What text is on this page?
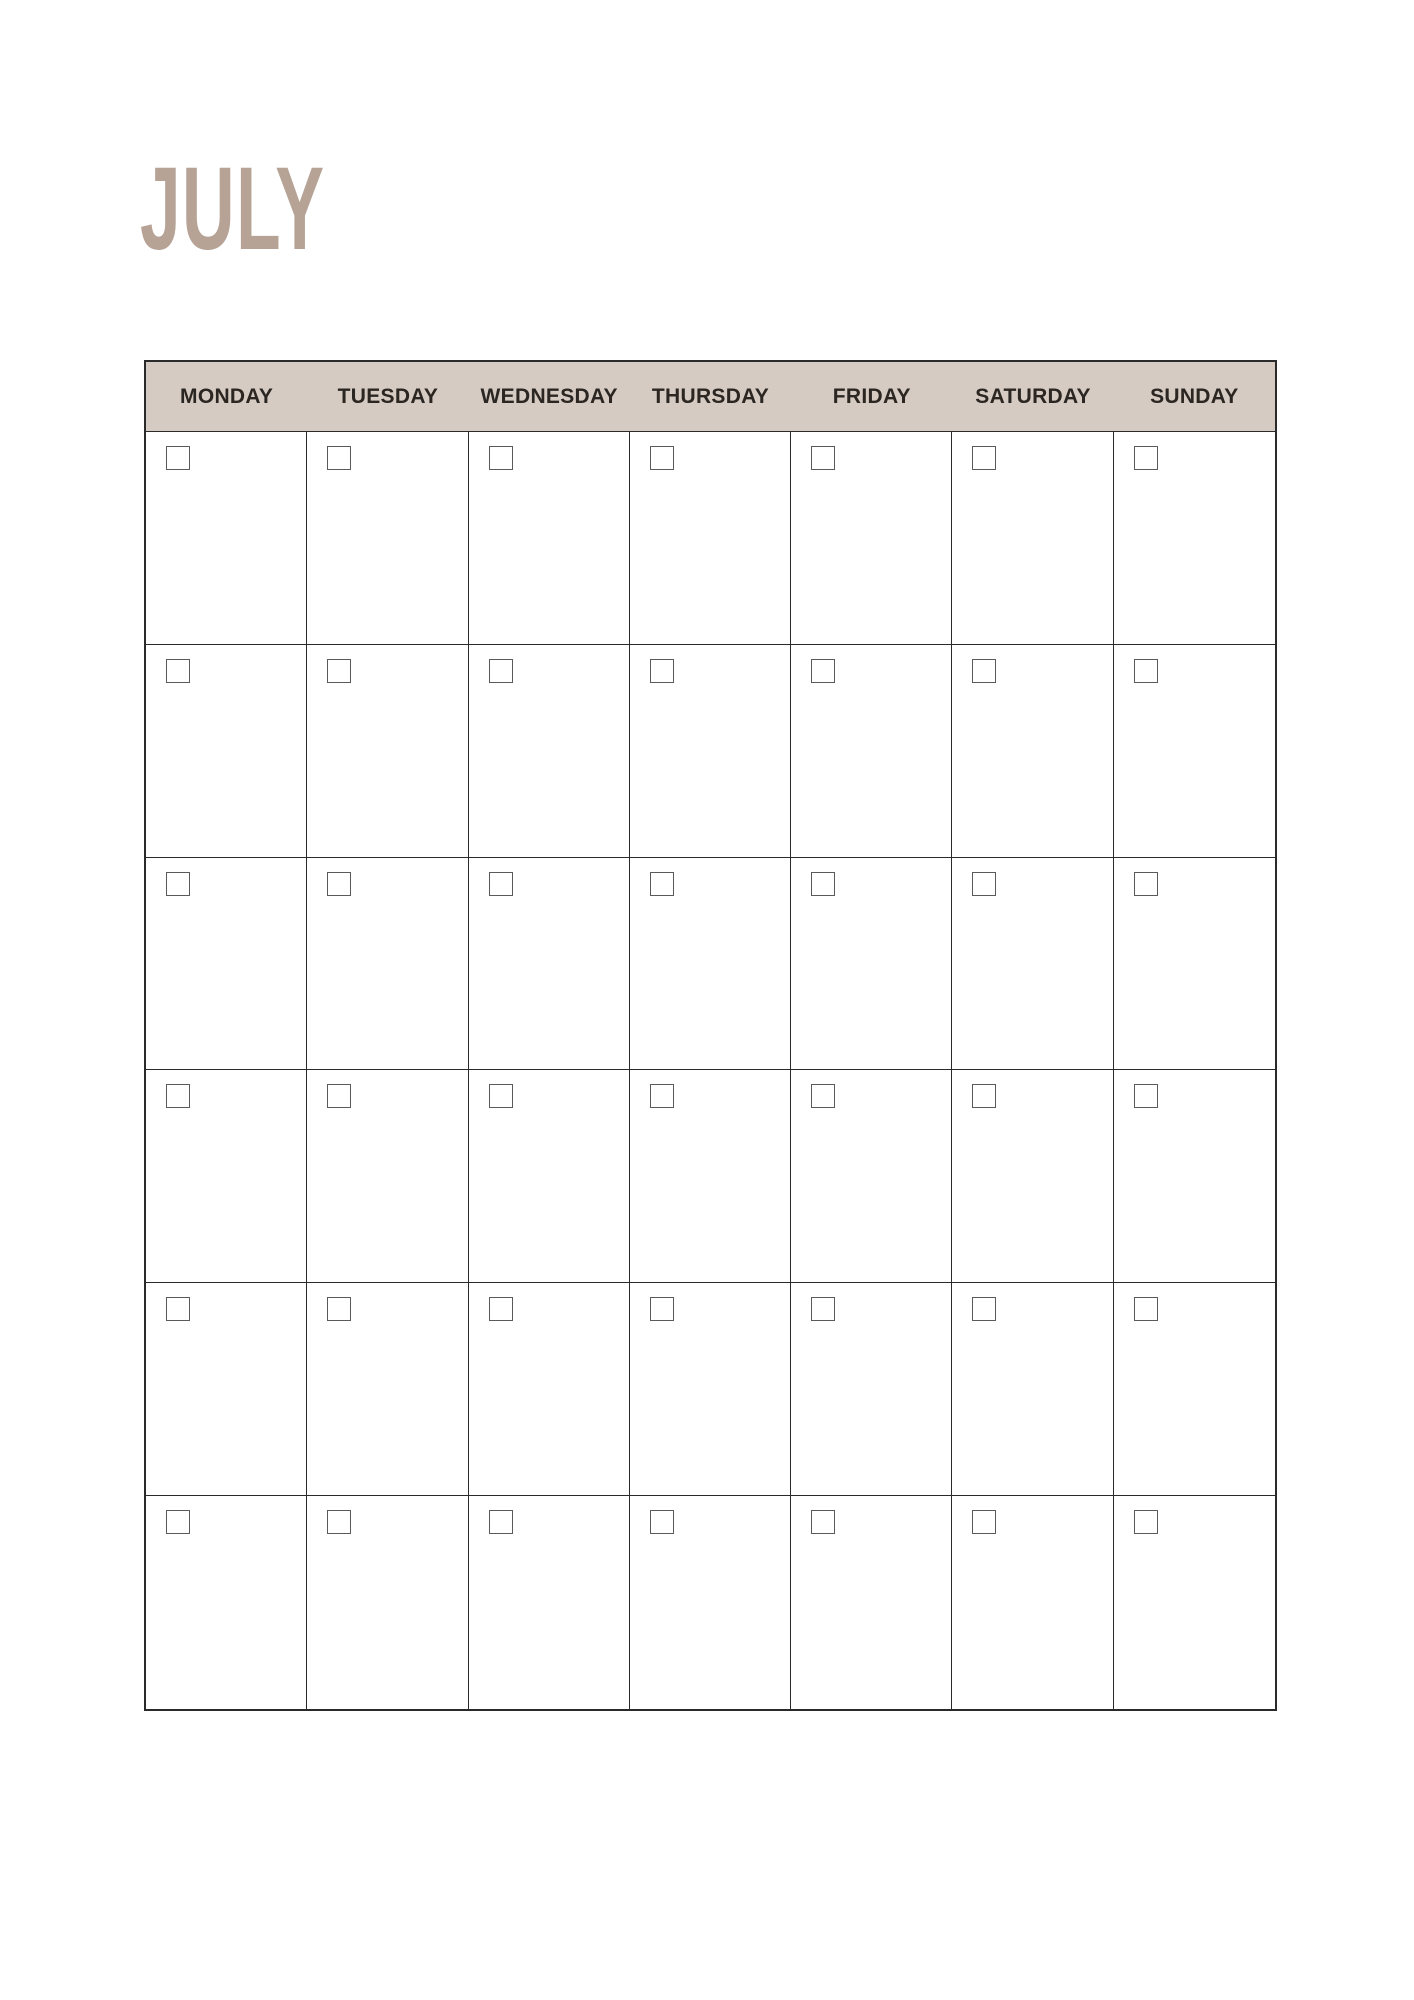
JULY
MONDAY	TUESDAY	WEDNESDAY	THURSDAY	FRIDAY	SATURDAY	SUNDAY
